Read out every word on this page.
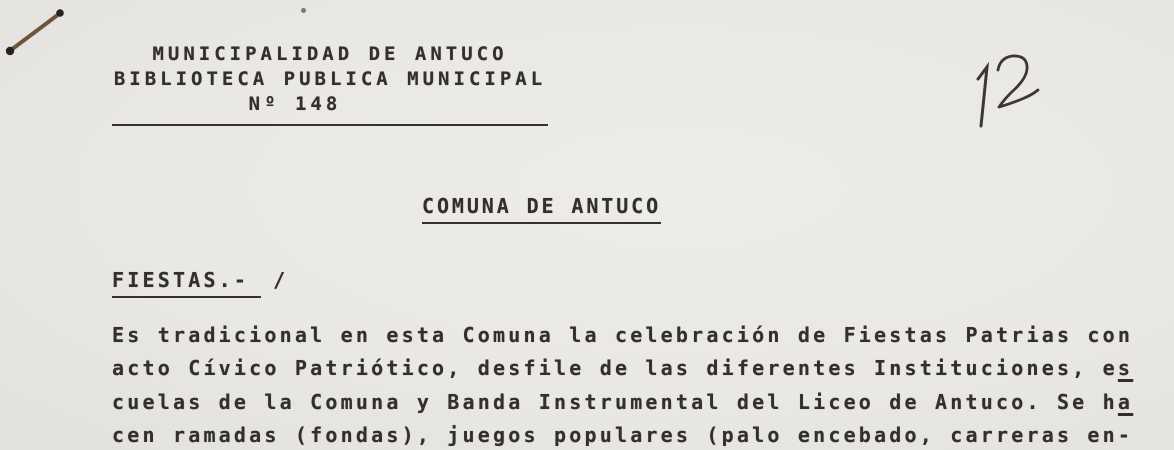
MUNICIPALIDAD DE ANTUCO
BIBLIOTECA PUBLICA MUNICIPAL
Nº 148
COMUNA DE ANTUCO
FIESTAS.- /
Es tradicional en esta Comuna la celebración de Fiestas Patrias con
acto Cívico Patriótico, desfile de las diferentes Instituciones, es
cuelas de la Comuna y Banda Instrumental del Liceo de Antuco. Se ha
cen ramadas (fondas), juegos populares (palo encebado, carreras en-
